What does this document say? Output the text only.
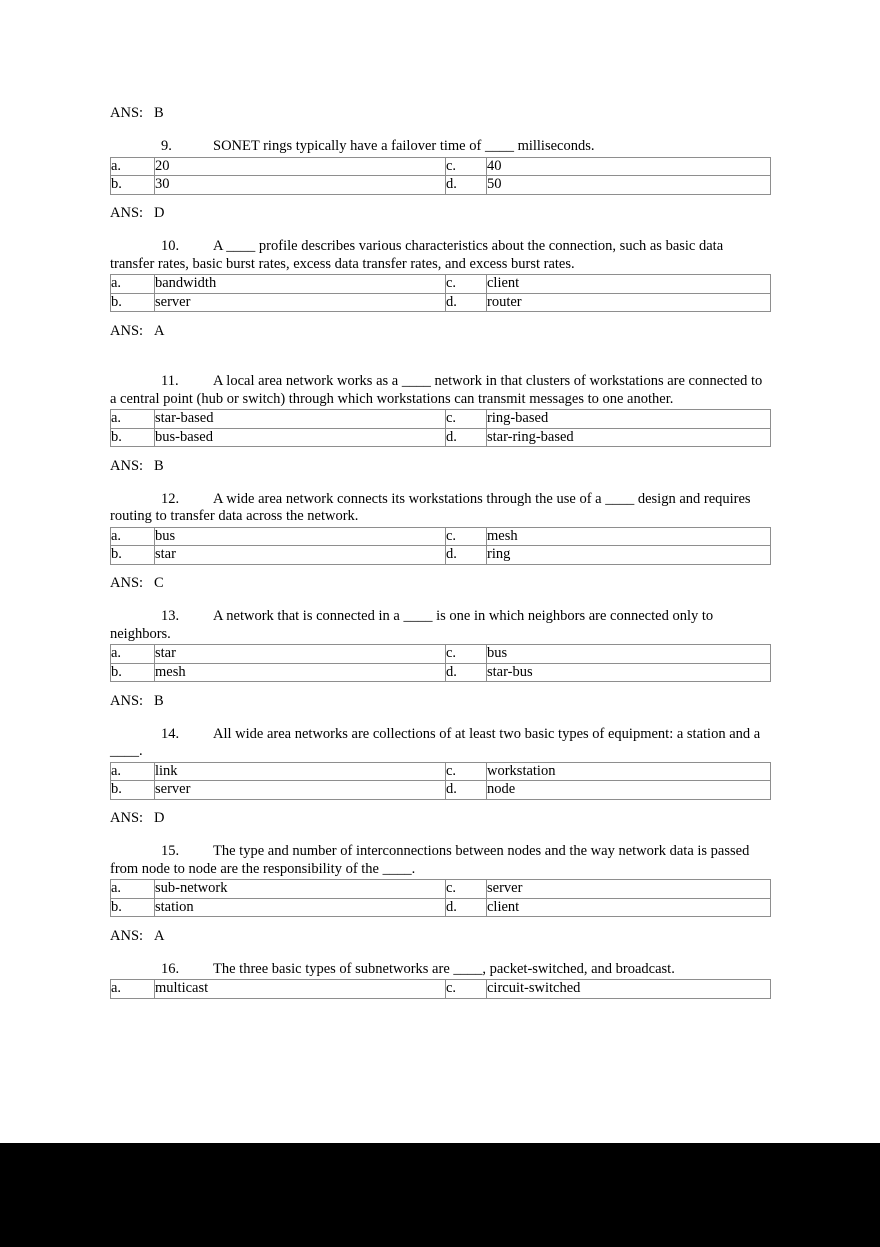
ANS: B

9.	SONET rings typically have a failover time of ____ milliseconds.

a.	20	c.	40
b.	30	d.	50

ANS: D

10. A ____ profile describes various characteristics about the connection, such as basic data transfer rates, basic burst rates, excess data transfer rates, and excess burst rates.

a.	bandwidth	c.	client
b.	server	d.	router

ANS: A

11. A local area network works as a ____ network in that clusters of workstations are connected to a central point (hub or switch) through which workstations can transmit messages to one another.

a.	star-based	c.	ring-based
b.	bus-based	d.	star-ring-based

ANS: B

12. A wide area network connects its workstations through the use of a ____ design and requires routing to transfer data across the network.

a.	bus	c.	mesh
b.	star	d.	ring

ANS: C

13. A network that is connected in a ____ is one in which neighbors are connected only to neighbors.

a.	star	c.	bus
b.	mesh	d.	star-bus

ANS: B

14. All wide area networks are collections of at least two basic types of equipment: a station and a ____.

a.	link	c.	workstation
b.	server	d.	node

ANS: D

15. The type and number of interconnections between nodes and the way network data is passed from node to node are the responsibility of the ____.

a.	sub-network	c.	server
b.	station	d.	client

ANS: A

16. The three basic types of subnetworks are ____, packet-switched, and broadcast.

a.	multicast	c.	circuit-switched
